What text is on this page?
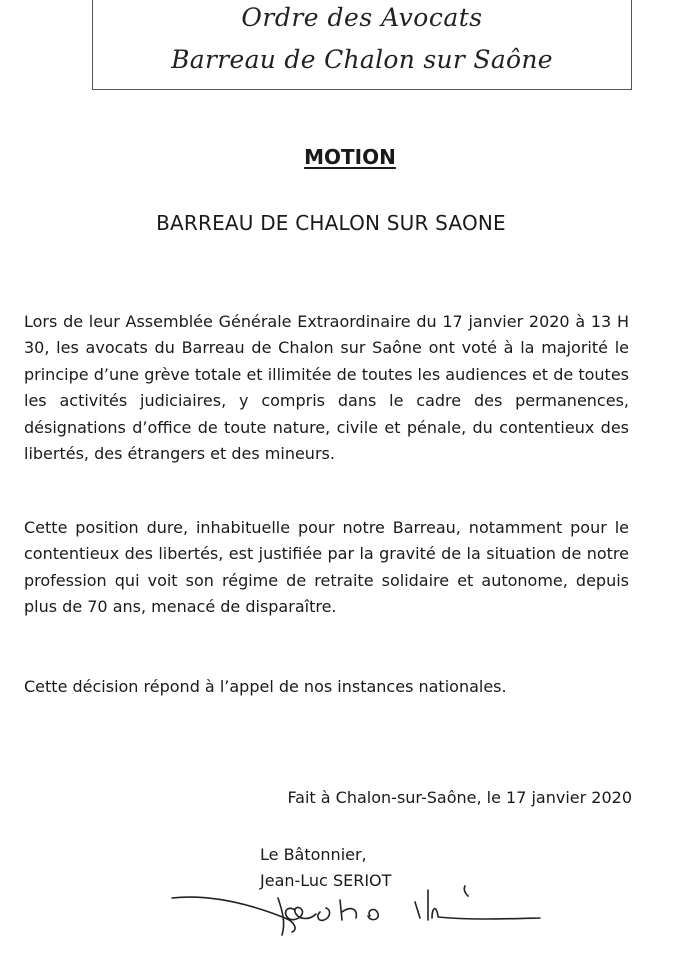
Ordre des Avocats
Barreau de Chalon sur Saône
MOTION
BARREAU DE CHALON SUR SAONE
Lors de leur Assemblée Générale Extraordinaire du 17 janvier 2020 à 13 H 30, les avocats du Barreau de Chalon sur Saône ont voté à la majorité le principe d’une grève totale et illimitée de toutes les audiences et de toutes les activités judiciaires, y compris dans le cadre des permanences, désignations d’office de toute nature, civile et pénale, du contentieux des libertés, des étrangers et des mineurs.
Cette position dure, inhabituelle pour notre Barreau, notamment pour le contentieux des libertés, est justifiée par la gravité de la situation de notre profession qui voit son régime de retraite solidaire et autonome, depuis plus de 70 ans, menacé de disparaître.
Cette décision répond à l’appel de nos instances nationales.
Fait à Chalon-sur-Saône, le 17 janvier 2020
Le Bâtonnier,
Jean-Luc SERIOT
